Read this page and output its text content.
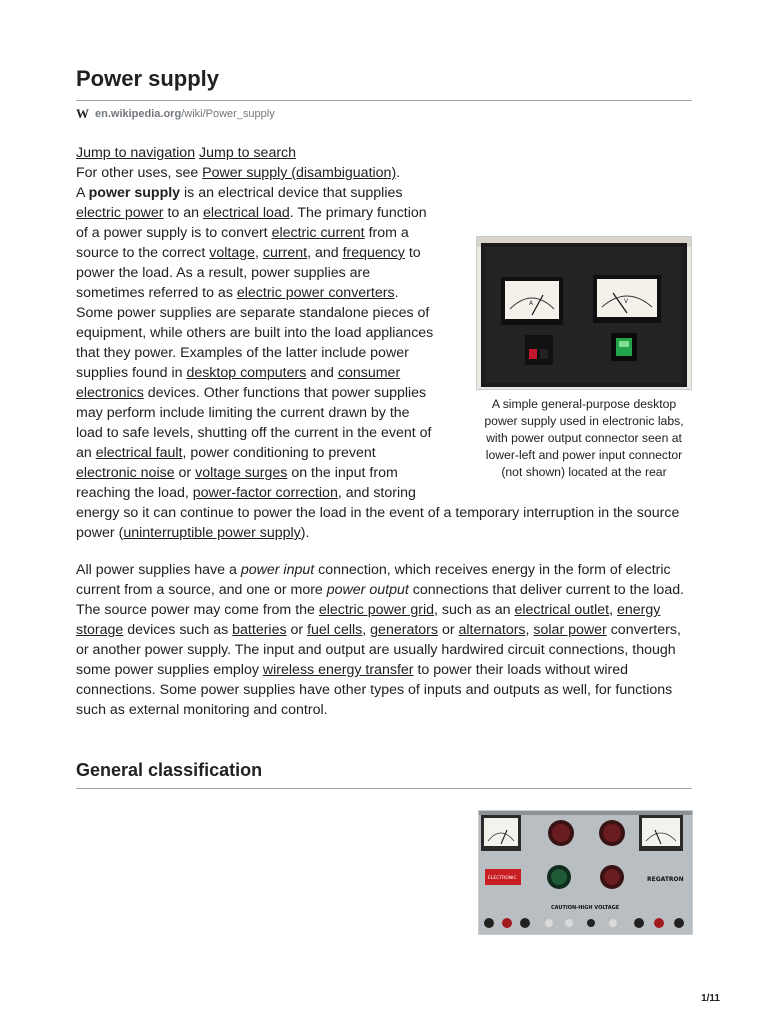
Power supply
W en.wikipedia.org /wiki/Power_supply

Jump to navigation Jump to search

For other uses, see Power supply (disambiguation).

A	V
A simple general-purpose desktop power supply used in electronic labs, with power output connector seen at lower-left and power input connector (not shown) located at the rear

A power supply is an electrical device that supplies electric power to an electrical load. The primary function of a power supply is to convert electric current from a source to the correct voltage, current, and frequency to power the load. As a result, power supplies are sometimes referred to as electric power converters. Some power supplies are separate standalone pieces of equipment, while others are built into the load appliances that they power. Examples of the latter include power supplies found in desktop computers and consumer electronics devices. Other functions that power supplies may perform include limiting the current drawn by the load to safe levels, shutting off the current in the event of an electrical fault, power conditioning to prevent electronic noise or voltage surges on the input from reaching the load, power-factor correction, and storing energy so it can continue to power the load in the event of a temporary interruption in the source power (uninterruptible power supply).

All power supplies have a power input connection, which receives energy in the form of electric current from a source, and one or more power output connections that deliver current to the load. The source power may come from the electric power grid, such as an electrical outlet, energy storage devices such as batteries or fuel cells, generators or alternators, solar power converters, or another power supply. The input and output are usually hardwired circuit connections, though some power supplies employ wireless energy transfer to power their loads without wired connections. Some power supplies have other types of inputs and outputs as well, for functions such as external monitoring and control.

General classification
ELECTRONIC	REGATRON
CAUTION-HIGH VOLTAGE
1/11
